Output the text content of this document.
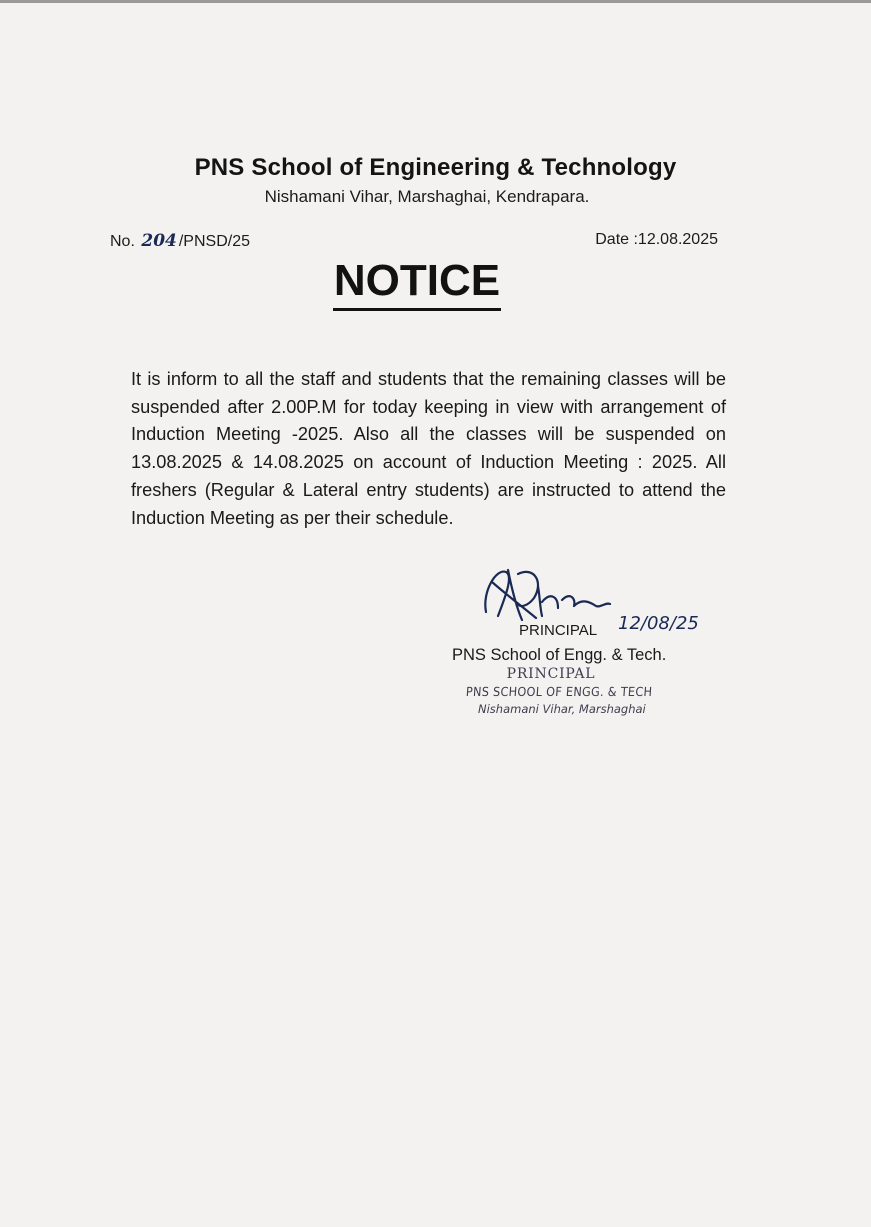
PNS School of Engineering & Technology
Nishamani Vihar, Marshaghai, Kendrapara.
No. 204 /PNSD/25	Date :12.08.2025
NOTICE
It is inform to all the staff and students that the remaining classes will be suspended after 2.00P.M for today keeping in view with arrangement of Induction Meeting -2025. Also all the classes will be suspended on 13.08.2025 & 14.08.2025 on account of Induction Meeting : 2025. All freshers (Regular & Lateral entry students) are instructed to attend the Induction Meeting as per their schedule.
PRINCIPAL 12/08/25
PNS School of Engg. & Tech.
PRINCIPAL
PNS SCHOOL OF ENGG. & TECH
Nishamani Vihar, Marshaghai
